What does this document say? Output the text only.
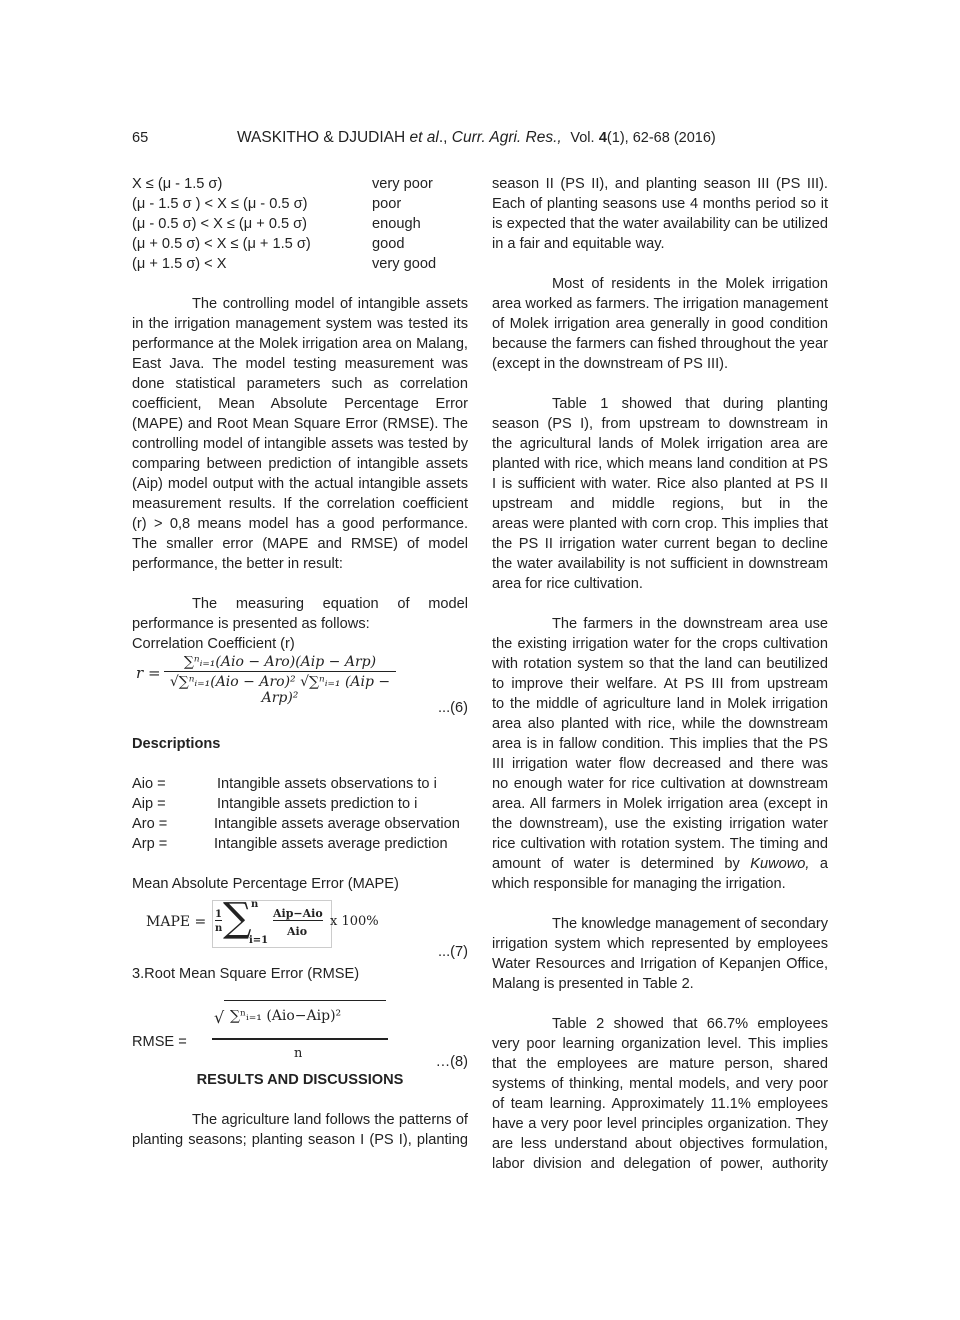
65	WASKITHO & DJUDIAH et al., Curr. Agri. Res., Vol. 4(1), 62-68 (2016)
X ≤ (μ - 1.5 σ)	very poor
(μ - 1.5 σ ) < X ≤ (μ - 0.5 σ)	poor
(μ - 0.5 σ) < X ≤ (μ + 0.5 σ)	enough
(μ + 0.5 σ) < X ≤ (μ + 1.5 σ)	good
(μ + 1.5 σ) < X	very good
The controlling model of intangible assets
in the irrigation management system was tested its
performance at the Molek irrigation area on Malang,
East Java. The model testing measurement was
done statistical parameters such as correlation
coefficient, Mean Absolute Percentage Error
(MAPE) and Root Mean Square Error (RMSE). The
controlling model of intangible assets was tested by
comparing between prediction of intangible assets
(Aip) model output with the actual intangible assets
measurement results. If the correlation coefficient
(r) > 0,8 means model has a good performance.
The smaller error (MAPE and RMSE) of model
performance, the better in result:
The measuring equation of model
performance is presented as follows:
Correlation Coefficient (r)
r =
∑ⁿᵢ₌₁(Aio − Aro)(Aip − Arp)
√∑ⁿᵢ₌₁(Aio − Aro)² √∑ⁿᵢ₌₁ (Aip − Arp)²
...(6)
Descriptions
Aio =	Intangible assets observations to i
Aip =	Intangible assets prediction to i
Aro =	Intangible assets average observation
Arp =	Intangible assets average prediction
Mean Absolute Percentage Error (MAPE)
MAPE = 1
n ∑ n
i=1
Aip−Aio
Aio
x 100%
...(7)
3.Root Mean Square Error (RMSE)
RMSE =
√ ∑ⁿᵢ₌₁ (Aio−Aip)²
n
…(8)
RESULTS AND DISCUSSIONS
The agriculture land follows the patterns of
planting seasons; planting season I (PS I), planting
season II (PS II), and planting season III (PS III).
Each of planting seasons use 4 months period so it
is expected that the water availability can be utilized
in a fair and equitable way.
Most of residents in the Molek irrigation
area worked as farmers. The irrigation management
of Molek irrigation area generally in good condition
because the farmers can fished throughout the year
(except in the downstream of PS III).
Table 1 showed that during planting
season (PS I), from upstream to downstream in
the agricultural lands of Molek irrigation area are
planted with rice, which means land condition at PS
I is sufficient with water. Rice also planted at PS II
upstream and middle regions, but in the
areas were planted with corn crop. This implies that
the PS II irrigation water current began to decline
the water availability is not sufficient in downstream
area for rice cultivation.
The farmers in the downstream area use
the existing irrigation water for the crops cultivation
with rotation system so that the land can beutilized
to improve their welfare. At PS III from upstream
to the middle of agriculture land in Molek irrigation
area also planted with rice, while the downstream
area is in fallow condition. This implies that the PS
III irrigation water flow decreased and there was
no enough water for rice cultivation at downstream
area. All farmers in Molek irrigation area (except in
the downstream), use the existing irrigation water
rice cultivation with rotation system. The timing and
amount of water is determined by Kuwowo, a
which responsible for managing the irrigation.
The knowledge management of secondary
irrigation system which represented by employees
Water Resources and Irrigation of Kepanjen Office,
Malang is presented in Table 2.
Table 2 showed that 66.7% employees
very poor learning organization level. This implies
that the employees are mature person, shared
systems of thinking, mental models, and very poor
of team learning. Approximately 11.1% employees
have a very poor level principles organization. They
are less understand about objectives formulation,
labor division and delegation of power, authority
